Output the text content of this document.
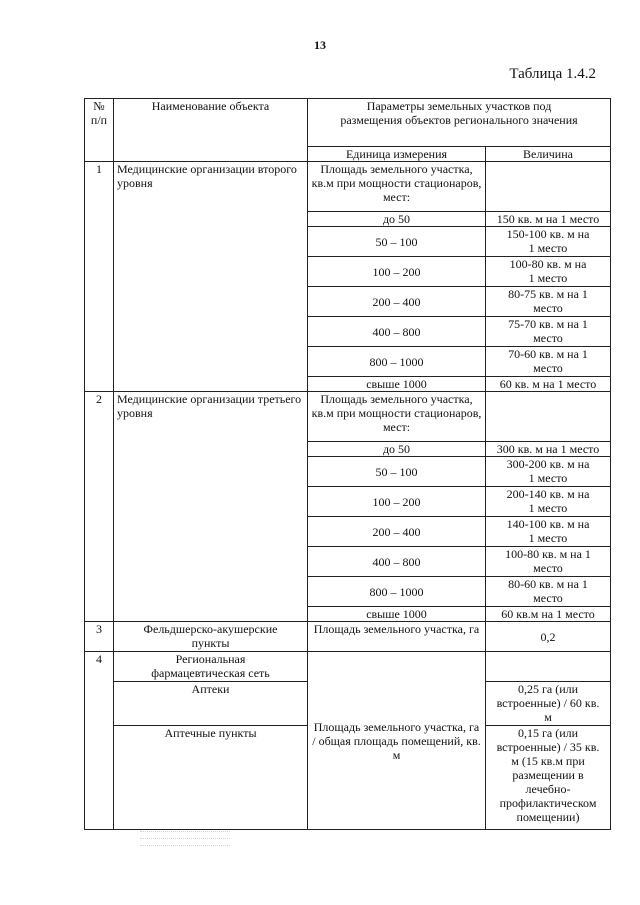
13
Таблица 1.4.2
№
п/п	Наименование объекта	Параметры земельных участков под размещения объектов регионального значения	
		Единица измерения	Величина
1	Медицинские организации второго уровня	Площадь земельного участка, кв.м при мощности стационаров, мест:	
		до 50	150 кв. м на 1 место
		50 – 100	150-100 кв. м на 1 место
		100 – 200	100-80 кв. м на 1 место
		200 – 400	80-75 кв. м на 1 место
		400 – 800	75-70 кв. м на 1 место
		800 – 1000	70-60 кв. м на 1 место
		свыше 1000	60 кв. м на 1 место
2	Медицинские организации третьего уровня	Площадь земельного участка, кв.м при мощности стационаров, мест:	
		до 50	300 кв. м на 1 место
		50 – 100	300-200 кв. м на 1 место
		100 – 200	200-140 кв. м на 1 место
		200 – 400	140-100 кв. м на 1 место
		400 – 800	100-80 кв. м на 1 место
		800 – 1000	80-60 кв. м на 1 место
		свыше 1000	60 кв.м на 1 место
3	Фельдшерско-акушерские пункты	Площадь земельного участка, га	0,2
4	Региональная фармацевтическая сеть	Площадь земельного участка, га / общая площадь помещений, кв. м	
	Аптеки		0,25 га (или встроенные) / 60 кв. м
	Аптечные пункты		0,15 га (или встроенные) / 35 кв. м (15 кв.м при размещении в лечебно-профилактическом помещении)
